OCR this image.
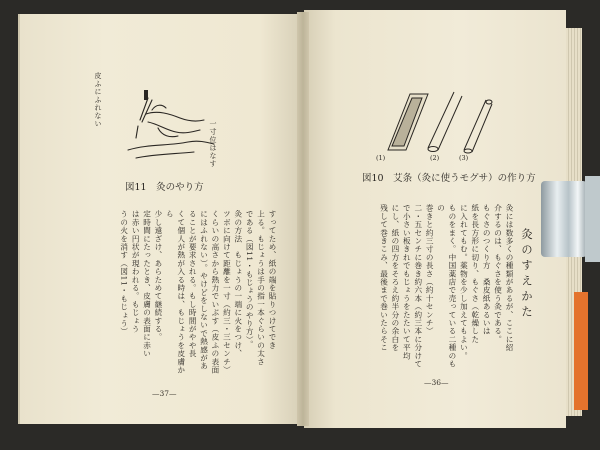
皮ふにふれない
一寸位はなす
図11　灸のやり方
(1)	(2)	(3)
図10　艾条（灸に使うモグサ）の作り方
灸のすえかた

すってため、紙の端を貼りつけてでき

上る。もじょうは手の指一本ぐらいの太さ

である（図11・もじょうのやり方）。

灸の方法　もじょうの一端に火をつけ、

ツボに向けて距離を一寸（約三・三センチ）

くらいの高さから熱力でいぶす（皮ふの表面

にはふれない）。やけどをしないで熱感があ

ることが要求される。もし時間がやや長

くて個人が熱が入る時は、もじょうを皮膚から

少し遠ざけ、あらためて継続する。

定時間にたったとき、皮膚の表面に赤い

は赤い円状が現われる。もじょう

うの火を消す（図11・もじょう）	灸には数多くの種類があるが、ここに紹

介するのは、もぐさを使う灸である。

もぐさのつくり方　桑皮紙あるいは

紙を長方形に切り、もぐさ（乾燥した

に入れてもむ。薬物を少し加えてもよい。

ものをまく。中国薬店で売っている二種のもの

巻きと約三寸の長さ（約十センチ）

二・五センチに巻き約六本（約三本に分けて

で小さい板きれでもじょうをたたいて平均

にし、紙の四方をそろえ約半分の余白を

残して巻きこみ、最後まで巻いたらそこ

—37—
—36—
